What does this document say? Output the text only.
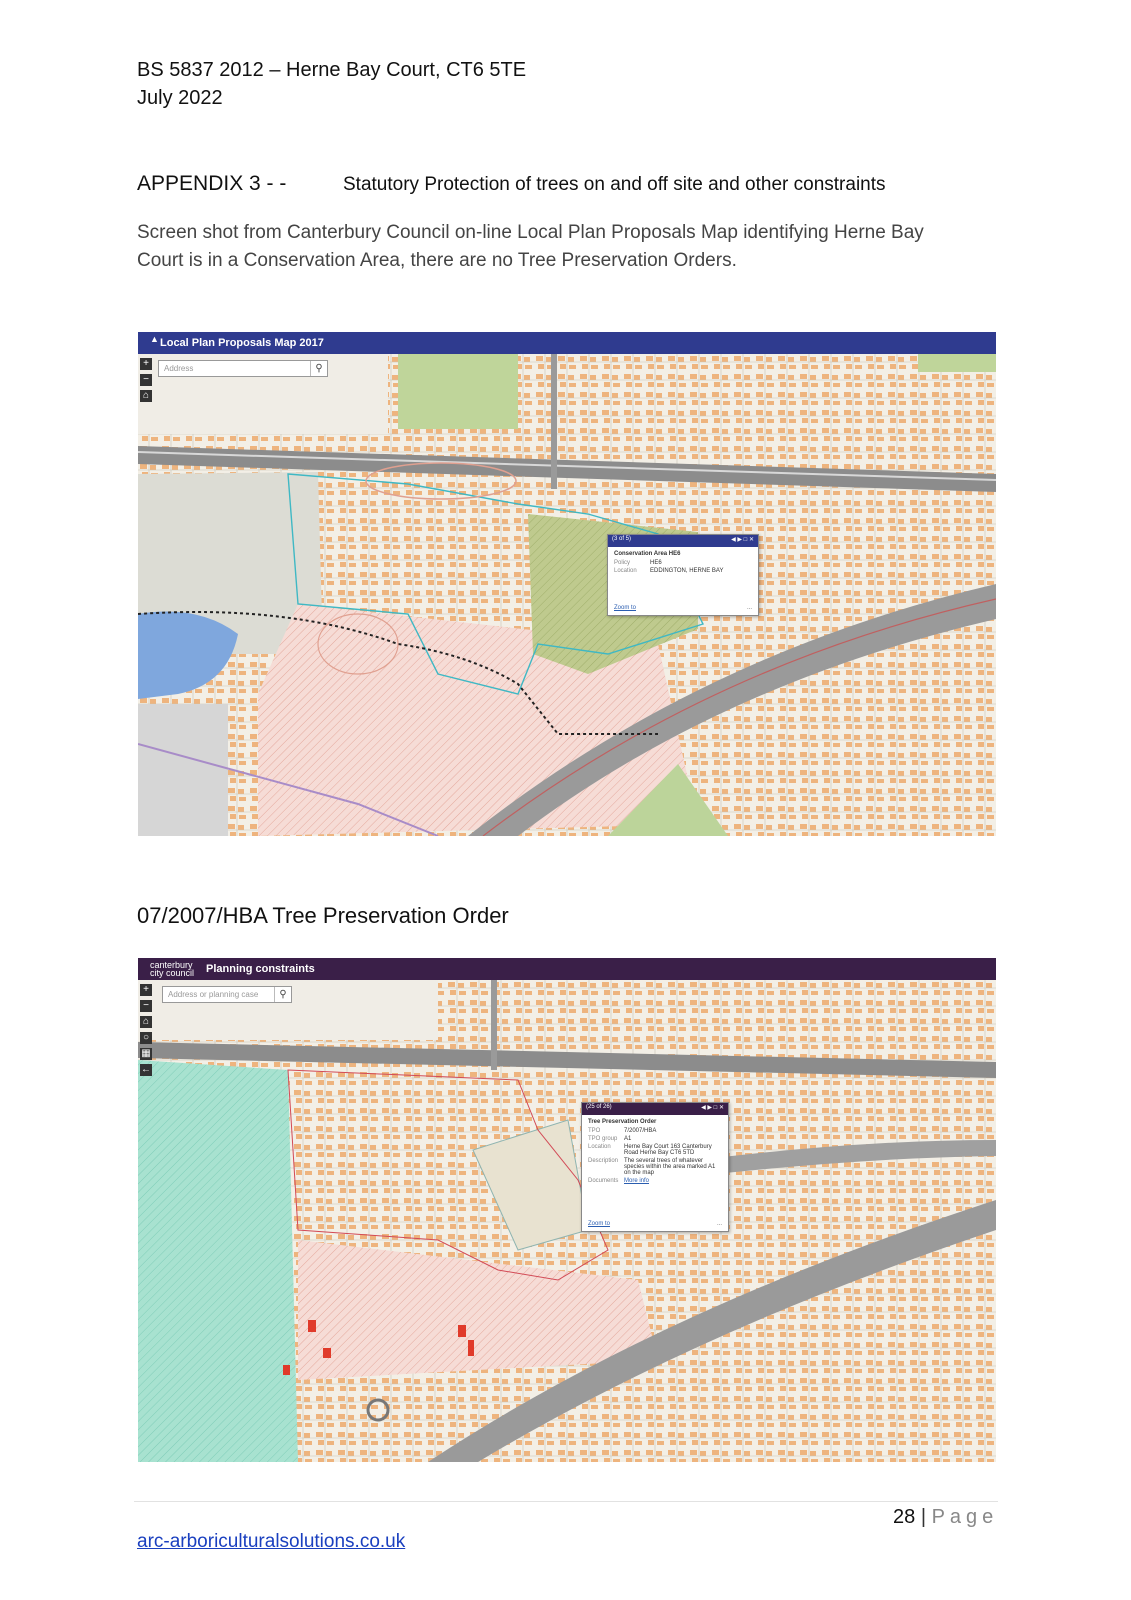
BS 5837 2012 – Herne Bay Court, CT6 5TE
July 2022
APPENDIX 3 - -	Statutory Protection of trees on and off site and other constraints
Screen shot from Canterbury Council on-line Local Plan Proposals Map identifying Herne Bay Court is in a Conservation Area, there are no Tree Preservation Orders.
▲ Local Plan Proposals Map 2017
Address	⚲
+
−
⌂
(3 of 5)	◀ ▶ □ ✕
Conservation Area HE6
Policy	HE6
Location	EDDINGTON, HERNE BAY
Zoom to	...
07/2007/HBA Tree Preservation Order
canterbury
city council Planning constraints
Address or planning case	⚲
+
−
⌂
○
▦
←
(25 of 26)	◀ ▶ □ ✕
Tree Preservation Order
TPO	7/2007/HBA
TPO group	A1
Location	Herne Bay Court 163 Canterbury Road Herne Bay CT6 5TD
Description The several trees of whatever species within the area marked A1 on the map
Documents More info
Zoom to	...
28 | Page
arc-arboriculturalsolutions.co.uk
